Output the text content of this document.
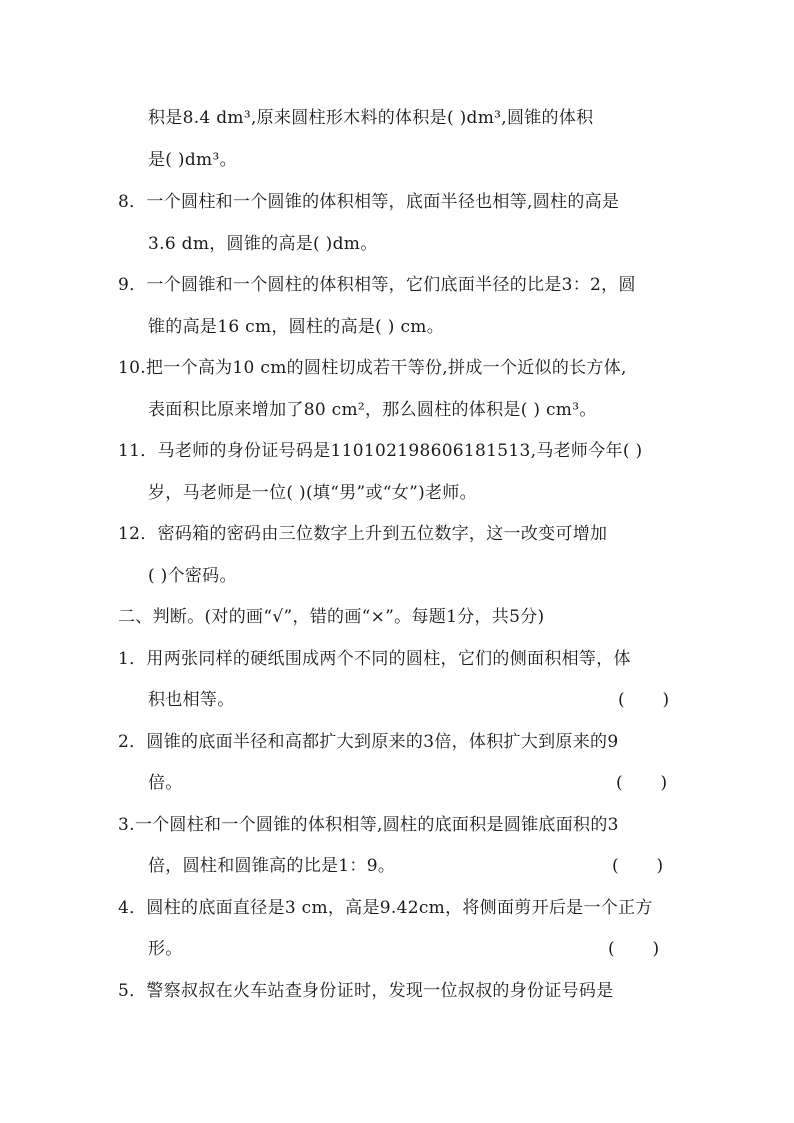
积是8.4 dm³,原来圆柱形木料的体积是( )dm³,圆锥的体积
是( )dm³。
8．一个圆柱和一个圆锥的体积相等，底面半径也相等,圆柱的高是
3.6 dm，圆锥的高是( )dm。
9．一个圆锥和一个圆柱的体积相等，它们底面半径的比是3：2，圆
锥的高是16 cm，圆柱的高是( ) cm。
10.把一个高为10 cm的圆柱切成若干等份,拼成一个近似的长方体,
表面积比原来增加了80 cm²，那么圆柱的体积是( ) cm³。
11．马老师的身份证号码是110102198606181513,马老师今年( )
岁，马老师是一位( )(填“男”或“女”)老师。
12．密码箱的密码由三位数字上升到五位数字，这一改变可增加
( )个密码。
二、判断。(对的画“√”，错的画“×”。每题1分，共5分)
1．用两张同样的硬纸围成两个不同的圆柱，它们的侧面积相等，体
积也相等。	(       )
2．圆锥的底面半径和高都扩大到原来的3倍，体积扩大到原来的9
倍。	(       )
3.一个圆柱和一个圆锥的体积相等,圆柱的底面积是圆锥底面积的3
倍，圆柱和圆锥高的比是1：9。	(       )
4．圆柱的底面直径是3 cm，高是9.42cm，将侧面剪开后是一个正方
形。	(       )
5．警察叔叔在火车站查身份证时，发现一位叔叔的身份证号码是
